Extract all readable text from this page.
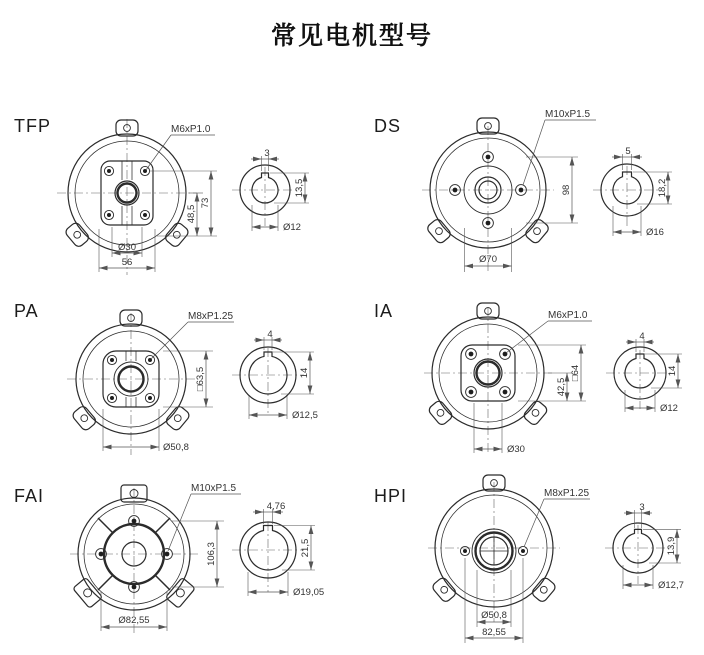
常见电机型号
TFP
48,5
73
Ø30
56
M6xP1.0
3
13,5
Ø12
DS
98
Ø70
M10xP1.5
5
18,2
Ø16
PA
□63,5
Ø50,8
M8xP1.25
4
14
Ø12,5
IA
42,5
□64
Ø30
M6xP1.0
4
14
Ø12
FAI
106,3
Ø82,55
M10xP1.5
4,76
21,5
Ø19,05
HPI	M8xP1.25
Ø50,8
82,55
3
13,9
Ø12,7
